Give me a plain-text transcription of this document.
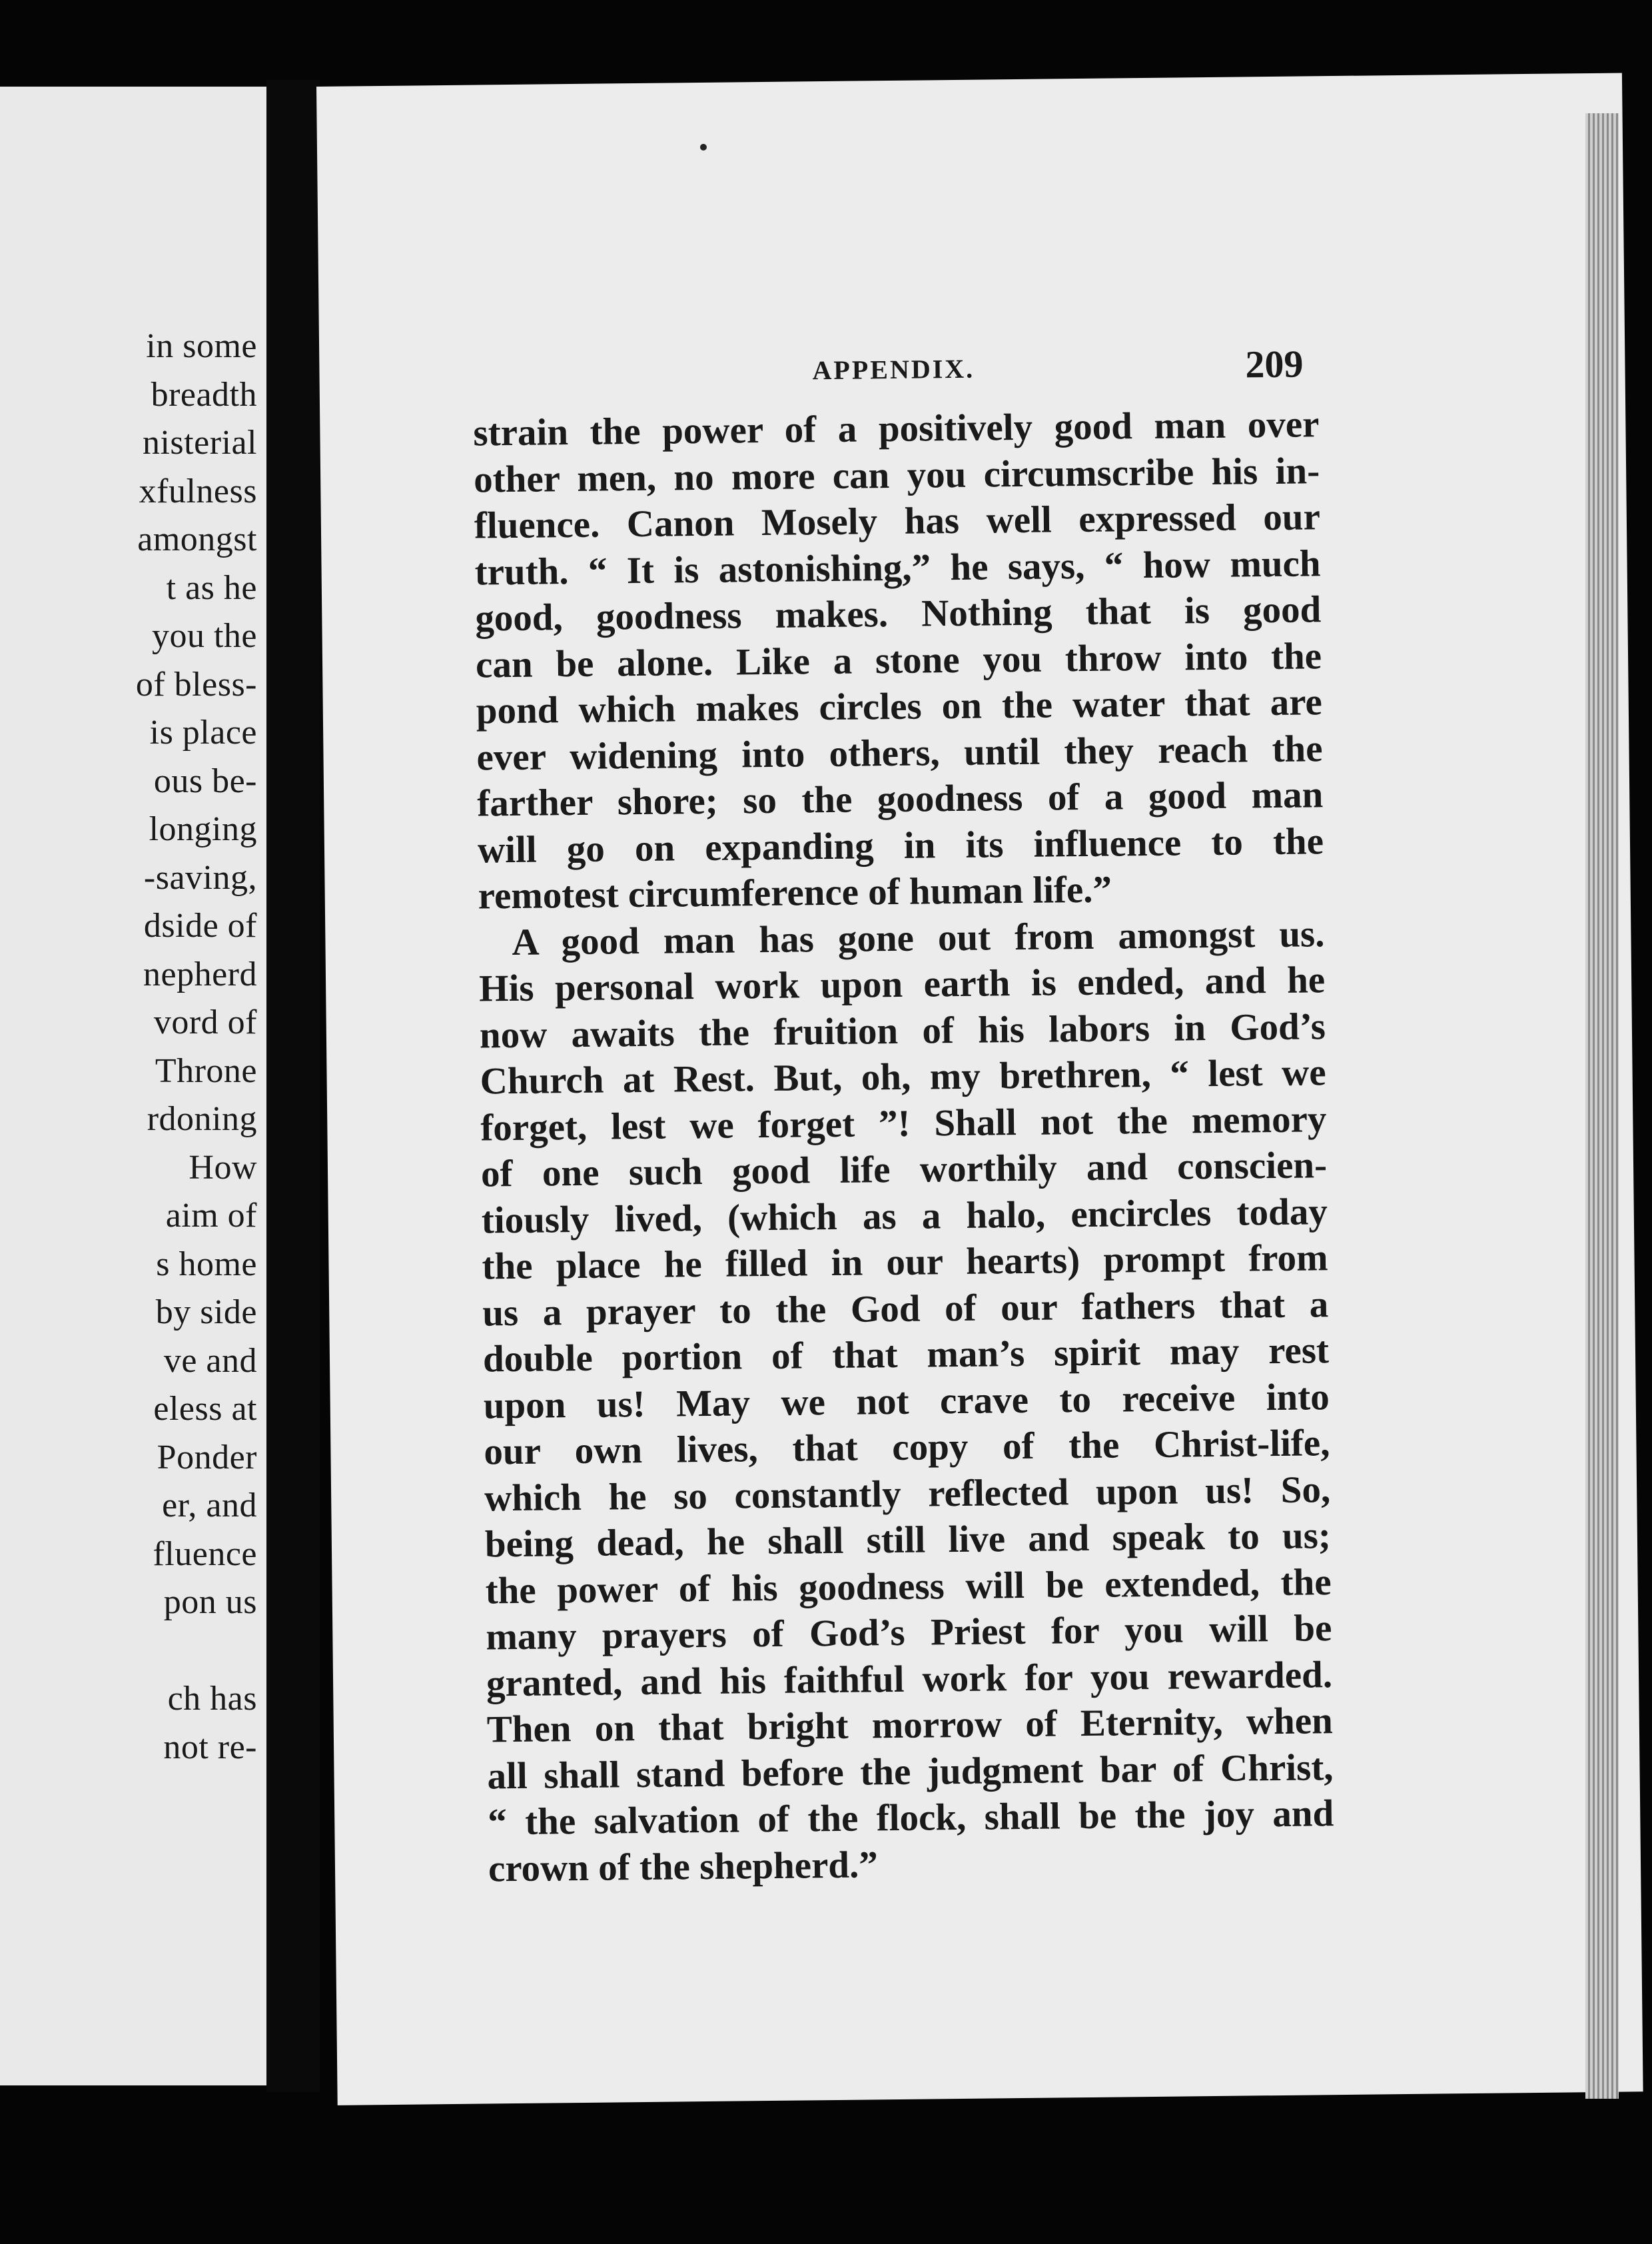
in some
breadth
nisterial
xfulness
amongst
t as he
you the
of bless-
is place
ous be-
longing
-saving,
dside of
nepherd
vord of
Throne
rdoning
How
aim of
s home
by side
ve and
eless at
Ponder
er, and
fluence
pon us
ch has
not re-
APPENDIX.	209
strain the power of a positively good man over
other men, no more can you circumscribe his in-
fluence. Canon Mosely has well expressed our
truth. “ It is astonishing,” he says, “ how much
good, goodness makes. Nothing that is good
can be alone. Like a stone you throw into the
pond which makes circles on the water that are
ever widening into others, until they reach the
farther shore; so the goodness of a good man
will go on expanding in its influence to the
remotest circumference of human life.”
A good man has gone out from amongst us.
His personal work upon earth is ended, and he
now awaits the fruition of his labors in God’s
Church at Rest. But, oh, my brethren, “ lest we
forget, lest we forget ”! Shall not the memory
of one such good life worthily and conscien-
tiously lived, (which as a halo, encircles today
the place he filled in our hearts) prompt from
us a prayer to the God of our fathers that a
double portion of that man’s spirit may rest
upon us! May we not crave to receive into
our own lives, that copy of the Christ-life,
which he so constantly reflected upon us! So,
being dead, he shall still live and speak to us;
the power of his goodness will be extended, the
many prayers of God’s Priest for you will be
granted, and his faithful work for you rewarded.
Then on that bright morrow of Eternity, when
all shall stand before the judgment bar of Christ,
“ the salvation of the flock, shall be the joy and
crown of the shepherd.”
